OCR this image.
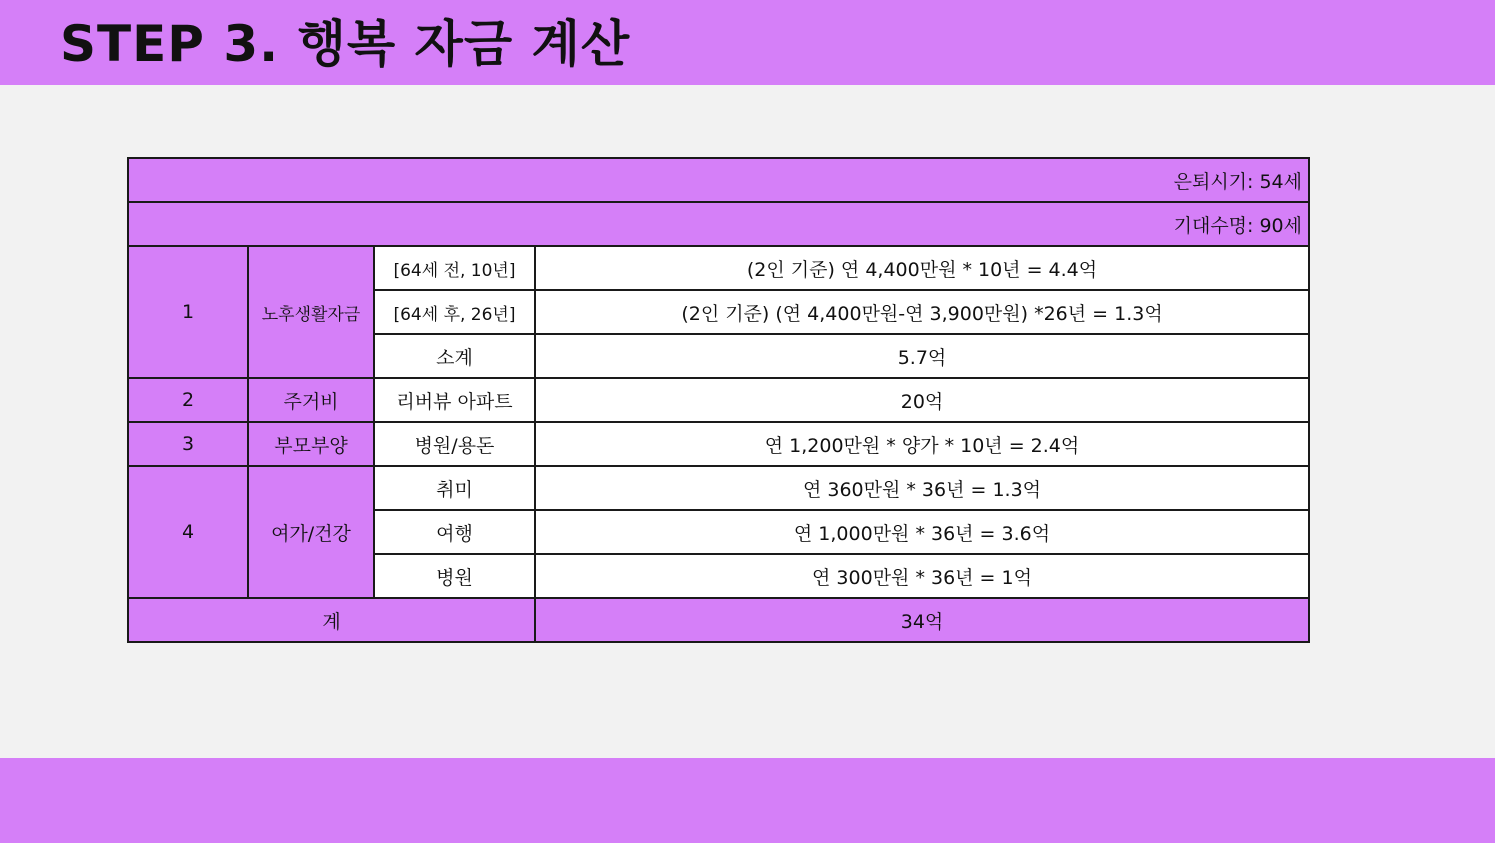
STEP 3. 행복 자금 계산
은퇴시기: 54세			
기대수명: 90세			
1	노후생활자금	[64세 전, 10년]	(2인 기준) 연 4,400만원 * 10년 = 4.4억
		[64세 후, 26년]	(2인 기준) (연 4,400만원-연 3,900만원) *26년 = 1.3억
		소계	5.7억
2	주거비	리버뷰 아파트	20억
3	부모부양	병원/용돈	연 1,200만원 * 양가 * 10년 = 2.4억
4	여가/건강	취미	연 360만원 * 36년 = 1.3억
		여행	연 1,000만원 * 36년 = 3.6억
		병원	연 300만원 * 36년 = 1억
계			34억
